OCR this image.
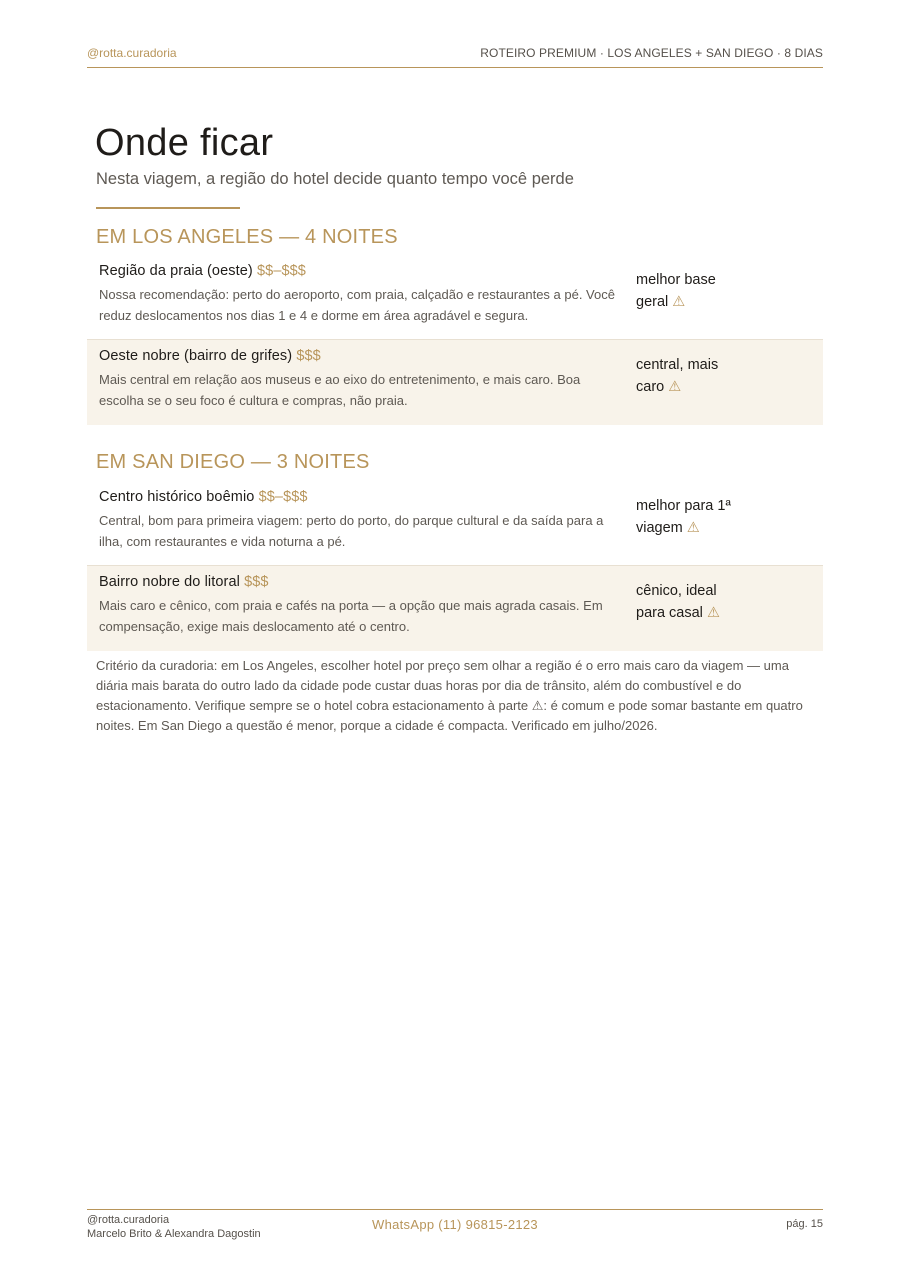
@rotta.curadoria	ROTEIRO PREMIUM · LOS ANGELES + SAN DIEGO · 8 DIAS
Onde ficar
Nesta viagem, a região do hotel decide quanto tempo você perde
EM LOS ANGELES — 4 NOITES
Região da praia (oeste) $$–$$$
Nossa recomendação: perto do aeroporto, com praia, calçadão e restaurantes a pé. Você reduz deslocamentos nos dias 1 e 4 e dorme em área agradável e segura.
melhor base geral ⚠
Oeste nobre (bairro de grifes) $$$
Mais central em relação aos museus e ao eixo do entretenimento, e mais caro. Boa escolha se o seu foco é cultura e compras, não praia.
central, mais caro ⚠
EM SAN DIEGO — 3 NOITES
Centro histórico boêmio $$–$$$
Central, bom para primeira viagem: perto do porto, do parque cultural e da saída para a ilha, com restaurantes e vida noturna a pé.
melhor para 1ª viagem ⚠
Bairro nobre do litoral $$$
Mais caro e cênico, com praia e cafés na porta — a opção que mais agrada casais. Em compensação, exige mais deslocamento até o centro.
cênico, ideal para casal ⚠

Critério da curadoria: em Los Angeles, escolher hotel por preço sem olhar a região é o erro mais caro da viagem — uma diária mais barata do outro lado da cidade pode custar duas horas por dia de trânsito, além do combustível e do estacionamento. Verifique sempre se o hotel cobra estacionamento à parte ⚠: é comum e pode somar bastante em quatro noites. Em San Diego a questão é menor, porque a cidade é compacta. Verificado em julho/2026.

@rotta.curadoria
Marcelo Brito & Alexandra Dagostin
WhatsApp (11) 96815-2123	pág. 15
